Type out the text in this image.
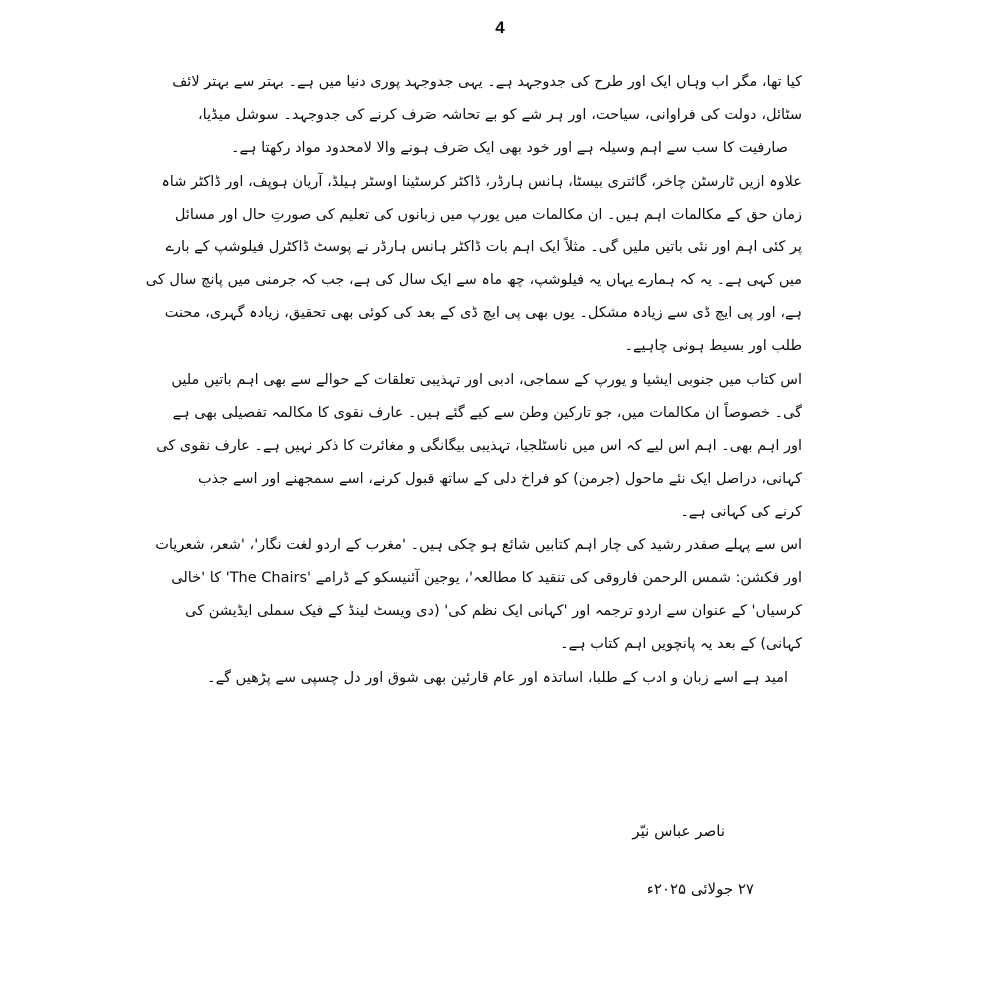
4
کیا تھا، مگر اب وہاں ایک اور طرح کی جدوجہد ہے۔ یہی جدوجہد پوری دنیا میں ہے۔ بہتر سے بہتر لائف
سٹائل، دولت کی فراوانی، سیاحت، اور ہر شے کو بے تحاشہ صَرف کرنے کی جدوجہد۔ سوشل میڈیا،
صارفیت کا سب سے اہم وسیلہ ہے اور خود بھی ایک صَرف ہونے والا لامحدود مواد رکھتا ہے۔
علاوہ ازیں ٹارسٹن چاخر، گائتری بیسٹا، ہانس ہارڈر، ڈاکٹر کرسٹینا اوسٹر ہیلڈ، آریان ہوپف، اور ڈاکٹر شاہ
زمان حق کے مکالمات اہم ہیں۔ ان مکالمات میں یورپ میں زبانوں کی تعلیم کی صورتِ حال اور مسائل
پر کئی اہم اور نئی باتیں ملیں گی۔ مثلاً ایک اہم بات ڈاکٹر ہانس ہارڈر نے پوسٹ ڈاکٹرل فیلوشپ کے بارے
میں کہی ہے۔ یہ کہ ہمارے یہاں یہ فیلوشپ، چھ ماہ سے ایک سال کی ہے، جب کہ جرمنی میں پانچ سال کی
ہے، اور پی ایچ ڈی سے زیادہ مشکل۔ یوں بھی پی ایچ ڈی کے بعد کی کوئی بھی تحقیق، زیادہ گہری، محنت
طلب اور بسیط ہونی چاہیے۔
اس کتاب میں جنوبی ایشیا و یورپ کے سماجی، ادبی اور تہذیبی تعلقات کے حوالے سے بھی اہم باتیں ملیں
گی۔ خصوصاً ان مکالمات میں، جو تارکین وطن سے کیے گئے ہیں۔ عارف نقوی کا مکالمہ تفصیلی بھی ہے
اور اہم بھی۔ اہم اس لیے کہ اس میں ناسٹلجیا، تہذیبی بیگانگی و مغائرت کا ذکر نہیں ہے۔ عارف نقوی کی
کہانی، دراصل ایک نئے ماحول (جرمن) کو فراخ دلی کے ساتھ قبول کرنے، اسے سمجھنے اور اسے جذب
کرنے کی کہانی ہے۔
اس سے پہلے صفدر رشید کی چار اہم کتابیں شائع ہو چکی ہیں۔ 'مغرب کے اردو لغت نگار'، 'شعر، شعریات
اور فکشن: شمس الرحمن فاروقی کی تنقید کا مطالعہ'، یوجین آئنیسکو کے ڈرامے 'The Chairs' کا 'خالی
کرسیاں' کے عنوان سے اردو ترجمہ اور 'کہانی ایک نظم کی' (دی ویسٹ لینڈ کے فیک سملی ایڈیشن کی
کہانی) کے بعد یہ پانچویں اہم کتاب ہے۔
امید ہے اسے زبان و ادب کے طلبا، اساتذہ اور عام قارئین بھی شوق اور دل چسپی سے پڑھیں گے۔
ناصر عباس نیّر
۲۷ جولائی ۲۰۲۵ء
